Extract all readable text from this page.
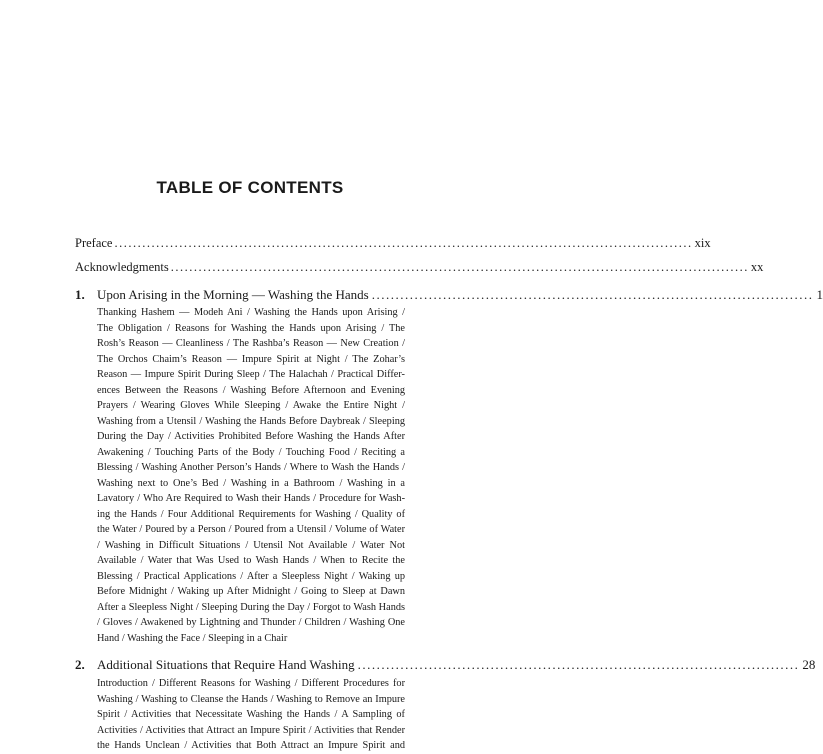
TABLE OF CONTENTS
Preface ............................................................................................................................. xix
Acknowledgments ............................................................................................................................. xx
1. Upon Arising in the Morning — Washing the Hands ............................................................................................. 1
Thanking Hashem — Modeh Ani / Washing the Hands upon Arising /
The Obligation / Reasons for Washing the Hands upon Arising / The
Rosh’s Reason — Cleanliness / The Rashba’s Reason — New Creation /
The Orchos Chaim’s Reason — Impure Spirit at Night / The Zohar’s
Reason — Impure Spirit During Sleep / The Halachah / Practical Differ-
ences Between the Reasons / Washing Before Afternoon and Evening
Prayers / Wearing Gloves While Sleeping / Awake the Entire Night /
Washing from a Utensil / Washing the Hands Before Daybreak / Sleeping
During the Day / Activities Prohibited Before Washing the Hands After
Awakening / Touching Parts of the Body / Touching Food / Reciting a
Blessing / Washing Another Person’s Hands / Where to Wash the Hands /
Washing next to One’s Bed / Washing in a Bathroom / Washing in a
Lavatory / Who Are Required to Wash their Hands / Procedure for Wash-
ing the Hands / Four Additional Requirements for Washing / Quality of
the Water / Poured by a Person / Poured from a Utensil / Volume of Water
/ Washing in Difficult Situations / Utensil Not Available / Water Not
Available / Water that Was Used to Wash Hands / When to Recite the
Blessing / Practical Applications / After a Sleepless Night / Waking up
Before Midnight / Waking up After Midnight / Going to Sleep at Dawn
After a Sleepless Night / Sleeping During the Day / Forgot to Wash Hands
/ Gloves / Awakened by Lightning and Thunder / Children / Washing One
Hand / Washing the Face / Sleeping in a Chair
2. Additional Situations that Require Hand Washing ............................................................................................. 28
Introduction / Different Reasons for Washing / Different Procedures for
Washing / Washing to Cleanse the Hands / Washing to Remove an Impure
Spirit / Activities that Necessitate Washing the Hands / A Sampling of
Activities / Activities that Attract an Impure Spirit / Activities that Render
the Hands Unclean / Activities that Both Attract an Impure Spirit and
